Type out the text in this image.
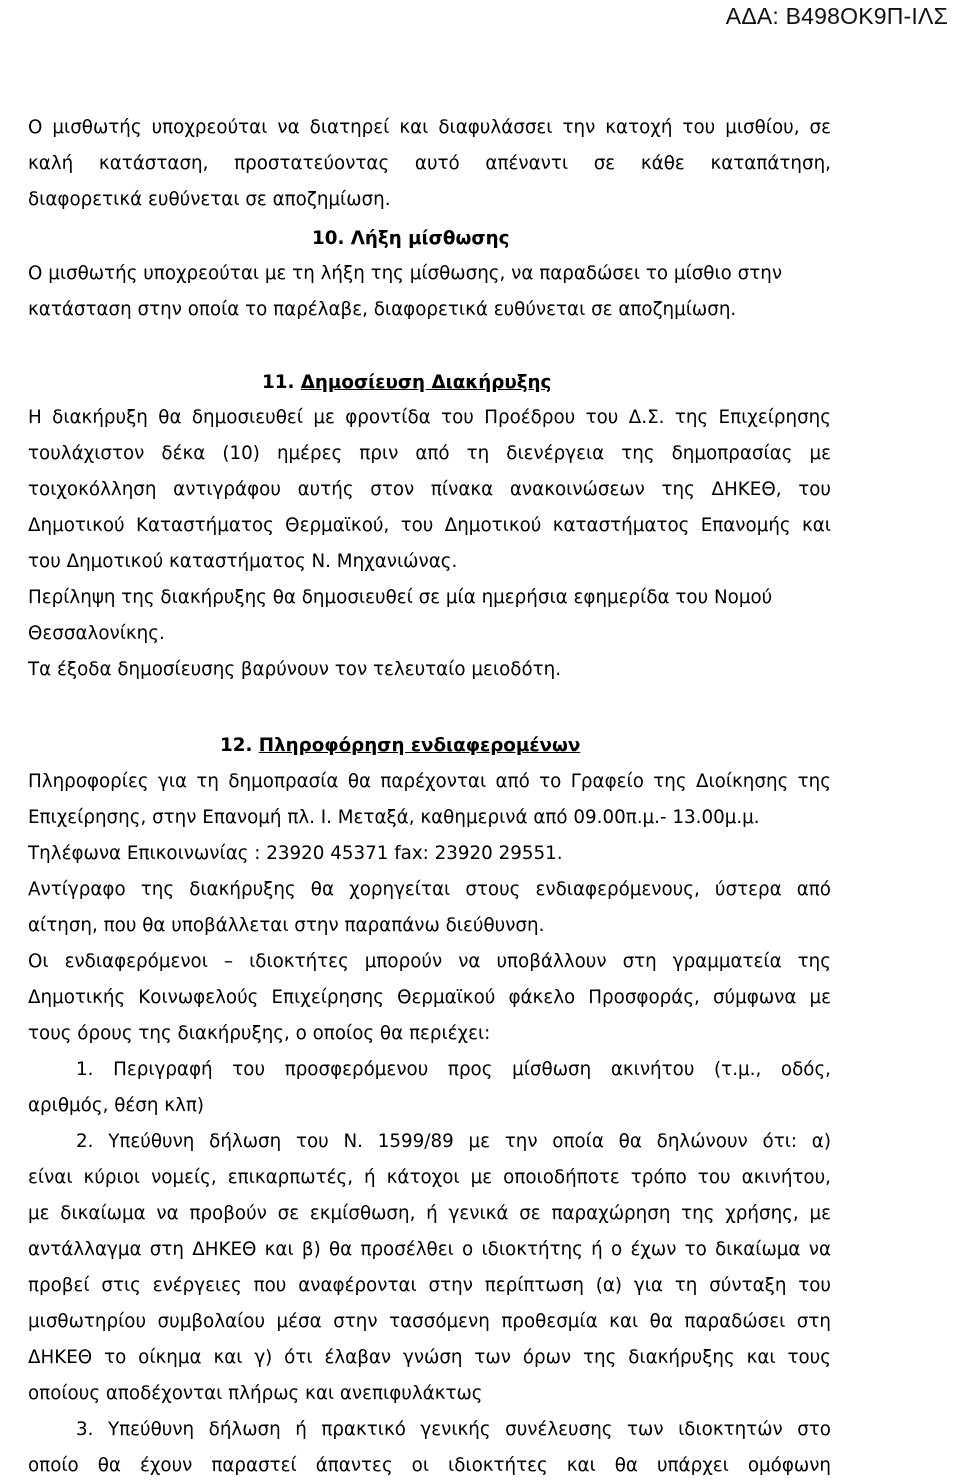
ΑΔΑ: Β498ΟΚ9Π-ΙΛΣ
Ο μισθωτής υποχρεούται να διατηρεί και διαφυλάσσει την κατοχή του μισθίου, σε
καλή κατάσταση, προστατεύοντας αυτό απέναντι σε κάθε καταπάτηση,
διαφορετικά ευθύνεται σε αποζημίωση.
10. Λήξη μίσθωσης
Ο μισθωτής υποχρεούται με τη λήξη της μίσθωσης, να παραδώσει το μίσθιο στην
κατάσταση στην οποία το παρέλαβε, διαφορετικά ευθύνεται σε αποζημίωση.
11. Δημοσίευση Διακήρυξης
Η διακήρυξη θα δημοσιευθεί με φροντίδα του Προέδρου του Δ.Σ. της Επιχείρησης
τουλάχιστον δέκα (10) ημέρες πριν από τη διενέργεια της δημοπρασίας με
τοιχοκόλληση αντιγράφου αυτής στον πίνακα ανακοινώσεων της ΔΗΚΕΘ, του
Δημοτικού Καταστήματος Θερμαϊκού, του Δημοτικού καταστήματος Επανομής και
του Δημοτικού καταστήματος Ν. Μηχανιώνας.
Περίληψη της διακήρυξης θα δημοσιευθεί σε μία ημερήσια εφημερίδα του Νομού
Θεσσαλονίκης.
Τα έξοδα δημοσίευσης βαρύνουν τον τελευταίο μειοδότη.
12. Πληροφόρηση ενδιαφερομένων
Πληροφορίες για τη δημοπρασία θα παρέχονται από το Γραφείο της Διοίκησης της
Επιχείρησης, στην Επανομή πλ. Ι. Μεταξά, καθημερινά από 09.00π.μ.- 13.00μ.μ.
Τηλέφωνα Επικοινωνίας : 23920 45371 fax: 23920 29551.
Αντίγραφο της διακήρυξης θα χορηγείται στους ενδιαφερόμενους, ύστερα από
αίτηση, που θα υποβάλλεται στην παραπάνω διεύθυνση.
Οι ενδιαφερόμενοι – ιδιοκτήτες μπορούν να υποβάλλουν στη γραμματεία της
Δημοτικής Κοινωφελούς Επιχείρησης Θερμαϊκού φάκελο Προσφοράς, σύμφωνα με
τους όρους της διακήρυξης, ο οποίος θα περιέχει:
1. Περιγραφή του προσφερόμενου προς μίσθωση ακινήτου (τ.μ., οδός,
αριθμός, θέση κλπ)
2. Υπεύθυνη δήλωση του Ν. 1599/89 με την οποία θα δηλώνουν ότι: α)
είναι κύριοι νομείς, επικαρπωτές, ή κάτοχοι με οποιοδήποτε τρόπο του ακινήτου,
με δικαίωμα να προβούν σε εκμίσθωση, ή γενικά σε παραχώρηση της χρήσης, με
αντάλλαγμα στη ΔΗΚΕΘ και β) θα προσέλθει ο ιδιοκτήτης ή ο έχων το δικαίωμα να
προβεί στις ενέργειες που αναφέρονται στην περίπτωση (α) για τη σύνταξη του
μισθωτηρίου συμβολαίου μέσα στην τασσόμενη προθεσμία και θα παραδώσει στη
ΔΗΚΕΘ το οίκημα και γ) ότι έλαβαν γνώση των όρων της διακήρυξης και τους
οποίους αποδέχονται πλήρως και ανεπιφυλάκτως
3. Υπεύθυνη δήλωση ή πρακτικό γενικής συνέλευσης των ιδιοκτητών στο
οποίο θα έχουν παραστεί άπαντες οι ιδιοκτήτες και θα υπάρχει ομόφωνη
